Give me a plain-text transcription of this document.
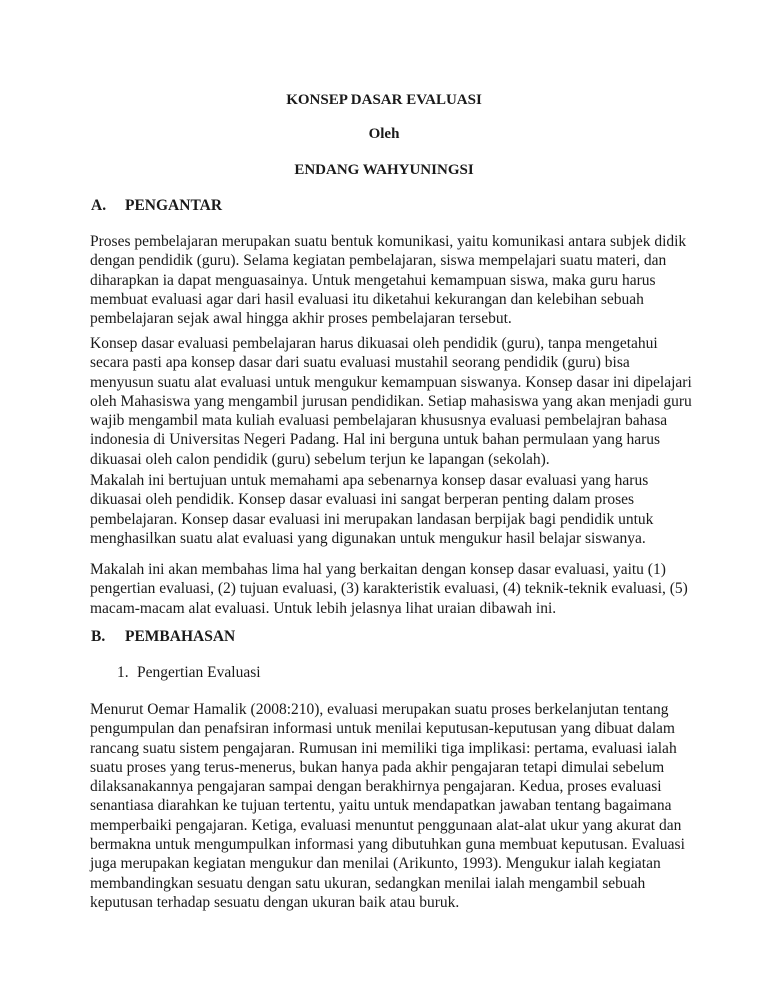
KONSEP DASAR EVALUASI
Oleh
ENDANG WAHYUNINGSI
A. PENGANTAR
Proses pembelajaran merupakan suatu bentuk komunikasi, yaitu komunikasi antara subjek didik
dengan pendidik (guru). Selama kegiatan pembelajaran, siswa mempelajari suatu materi, dan
diharapkan ia dapat menguasainya. Untuk mengetahui kemampuan siswa, maka guru harus
membuat evaluasi agar dari hasil evaluasi itu diketahui kekurangan dan kelebihan sebuah
pembelajaran sejak awal hingga akhir proses pembelajaran tersebut.
Konsep dasar evaluasi pembelajaran harus dikuasai oleh pendidik (guru), tanpa mengetahui
secara pasti apa konsep dasar dari suatu evaluasi mustahil seorang pendidik (guru) bisa
menyusun suatu alat evaluasi untuk mengukur kemampuan siswanya. Konsep dasar ini dipelajari
oleh Mahasiswa yang mengambil jurusan pendidikan. Setiap mahasiswa yang akan menjadi guru
wajib mengambil mata kuliah evaluasi pembelajaran khususnya evaluasi pembelajran bahasa
indonesia di Universitas Negeri Padang. Hal ini berguna untuk bahan permulaan yang harus
dikuasai oleh calon pendidik (guru) sebelum terjun ke lapangan (sekolah).
Makalah ini bertujuan untuk memahami apa sebenarnya konsep dasar evaluasi yang harus
dikuasai oleh pendidik. Konsep dasar evaluasi ini sangat berperan penting dalam proses
pembelajaran. Konsep dasar evaluasi ini merupakan landasan berpijak bagi pendidik untuk
menghasilkan suatu alat evaluasi yang digunakan untuk mengukur hasil belajar siswanya.
Makalah ini akan membahas lima hal yang berkaitan dengan konsep dasar evaluasi, yaitu (1)
pengertian evaluasi, (2) tujuan evaluasi, (3) karakteristik evaluasi, (4) teknik-teknik evaluasi, (5)
macam-macam alat evaluasi. Untuk lebih jelasnya lihat uraian dibawah ini.
B. PEMBAHASAN
1. Pengertian Evaluasi
Menurut Oemar Hamalik (2008:210), evaluasi merupakan suatu proses berkelanjutan tentang
pengumpulan dan penafsiran informasi untuk menilai keputusan-keputusan yang dibuat dalam
rancang suatu sistem pengajaran. Rumusan ini memiliki tiga implikasi: pertama, evaluasi ialah
suatu proses yang terus-menerus, bukan hanya pada akhir pengajaran tetapi dimulai sebelum
dilaksanakannya pengajaran sampai dengan berakhirnya pengajaran. Kedua, proses evaluasi
senantiasa diarahkan ke tujuan tertentu, yaitu untuk mendapatkan jawaban tentang bagaimana
memperbaiki pengajaran. Ketiga, evaluasi menuntut penggunaan alat-alat ukur yang akurat dan
bermakna untuk mengumpulkan informasi yang dibutuhkan guna membuat keputusan. Evaluasi
juga merupakan kegiatan mengukur dan menilai (Arikunto, 1993). Mengukur ialah kegiatan
membandingkan sesuatu dengan satu ukuran, sedangkan menilai ialah mengambil sebuah
keputusan terhadap sesuatu dengan ukuran baik atau buruk.
